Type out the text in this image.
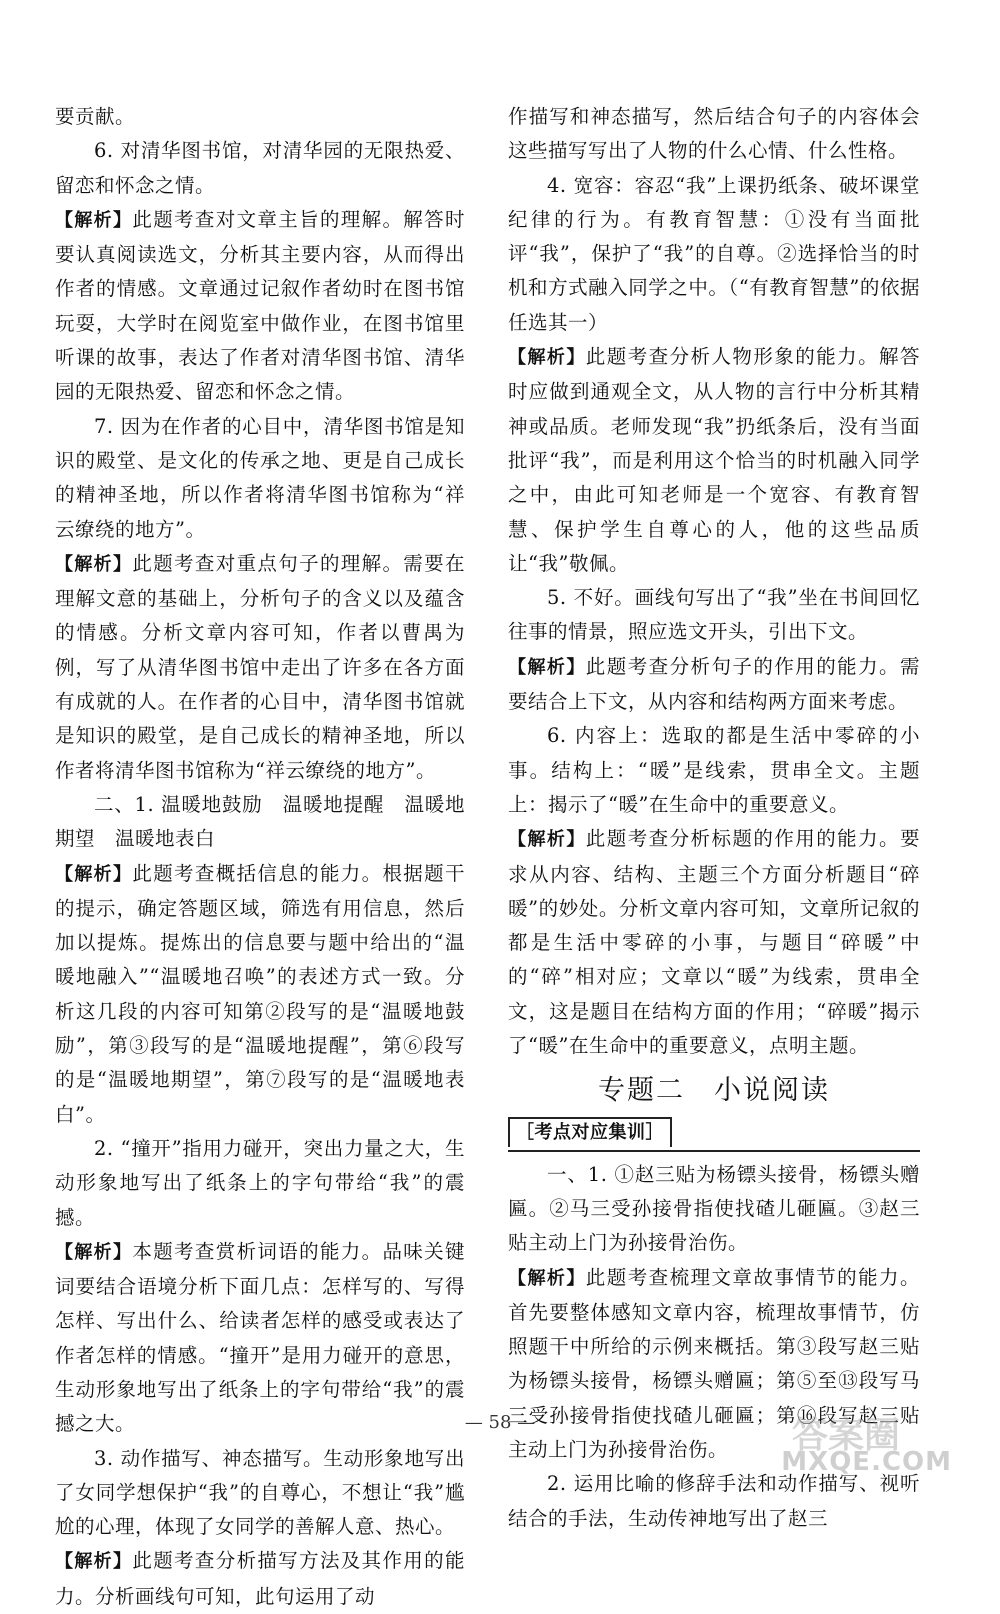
要贡献。

6. 对清华图书馆，对清华园的无限热爱、留恋和怀念之情。

【解析】此题考查对文章主旨的理解。解答时要认真阅读选文，分析其主要内容，从而得出作者的情感。文章通过记叙作者幼时在图书馆玩耍，大学时在阅览室中做作业，在图书馆里听课的故事，表达了作者对清华图书馆、清华园的无限热爱、留恋和怀念之情。

7. 因为在作者的心目中，清华图书馆是知识的殿堂、是文化的传承之地、更是自己成长的精神圣地，所以作者将清华图书馆称为“祥云缭绕的地方”。

【解析】此题考查对重点句子的理解。需要在理解文意的基础上，分析句子的含义以及蕴含的情感。分析文章内容可知，作者以曹禺为例，写了从清华图书馆中走出了许多在各方面有成就的人。在作者的心目中，清华图书馆就是知识的殿堂，是自己成长的精神圣地，所以作者将清华图书馆称为“祥云缭绕的地方”。

二、1. 温暖地鼓励　温暖地提醒　温暖地期望　温暖地表白

【解析】此题考查概括信息的能力。根据题干的提示，确定答题区域，筛选有用信息，然后加以提炼。提炼出的信息要与题中给出的“温暖地融入”“温暖地召唤”的表述方式一致。分析这几段的内容可知第②段写的是“温暖地鼓励”，第③段写的是“温暖地提醒”，第⑥段写的是“温暖地期望”，第⑦段写的是“温暖地表白”。

2. “撞开”指用力碰开，突出力量之大，生动形象地写出了纸条上的字句带给“我”的震撼。

【解析】本题考查赏析词语的能力。品味关键词要结合语境分析下面几点：怎样写的、写得怎样、写出什么、给读者怎样的感受或表达了作者怎样的情感。“撞开”是用力碰开的意思，生动形象地写出了纸条上的字句带给“我”的震撼之大。

3. 动作描写、神态描写。生动形象地写出了女同学想保护“我”的自尊心，不想让“我”尴尬的心理，体现了女同学的善解人意、热心。

【解析】此题考查分析描写方法及其作用的能力。分析画线句可知，此句运用了动

作描写和神态描写，然后结合句子的内容体会这些描写写出了人物的什么心情、什么性格。

4. 宽容：容忍“我”上课扔纸条、破坏课堂纪律的行为。有教育智慧：①没有当面批评“我”，保护了“我”的自尊。②选择恰当的时机和方式融入同学之中。（“有教育智慧”的依据任选其一）

【解析】此题考查分析人物形象的能力。解答时应做到通观全文，从人物的言行中分析其精神或品质。老师发现“我”扔纸条后，没有当面批评“我”，而是利用这个恰当的时机融入同学之中，由此可知老师是一个宽容、有教育智慧、保护学生自尊心的人，他的这些品质让“我”敬佩。

5. 不好。画线句写出了“我”坐在书间回忆往事的情景，照应选文开头，引出下文。

【解析】此题考查分析句子的作用的能力。需要结合上下文，从内容和结构两方面来考虑。

6. 内容上：选取的都是生活中零碎的小事。结构上：“暖”是线索，贯串全文。主题上：揭示了“暖”在生命中的重要意义。

【解析】此题考查分析标题的作用的能力。要求从内容、结构、主题三个方面分析题目“碎暖”的妙处。分析文章内容可知，文章所记叙的都是生活中零碎的小事，与题目“碎暖”中的“碎”相对应；文章以“暖”为线索，贯串全文，这是题目在结构方面的作用；“碎暖”揭示了“暖”在生命中的重要意义，点明主题。

专题二　小说阅读
［考点对应集训］

一、1. ①赵三贴为杨镖头接骨，杨镖头赠匾。②马三受孙接骨指使找碴儿砸匾。③赵三贴主动上门为孙接骨治伤。

【解析】此题考查梳理文章故事情节的能力。首先要整体感知文章内容，梳理故事情节，仿照题干中所给的示例来概括。第③段写赵三贴为杨镖头接骨，杨镖头赠匾；第⑤至⑬段写马三受孙接骨指使找碴儿砸匾；第⑯段写赵三贴主动上门为孙接骨治伤。

2. 运用比喻的修辞手法和动作描写、视听结合的手法，生动传神地写出了赵三

— 58 —	答案圈
MXQE.COM
